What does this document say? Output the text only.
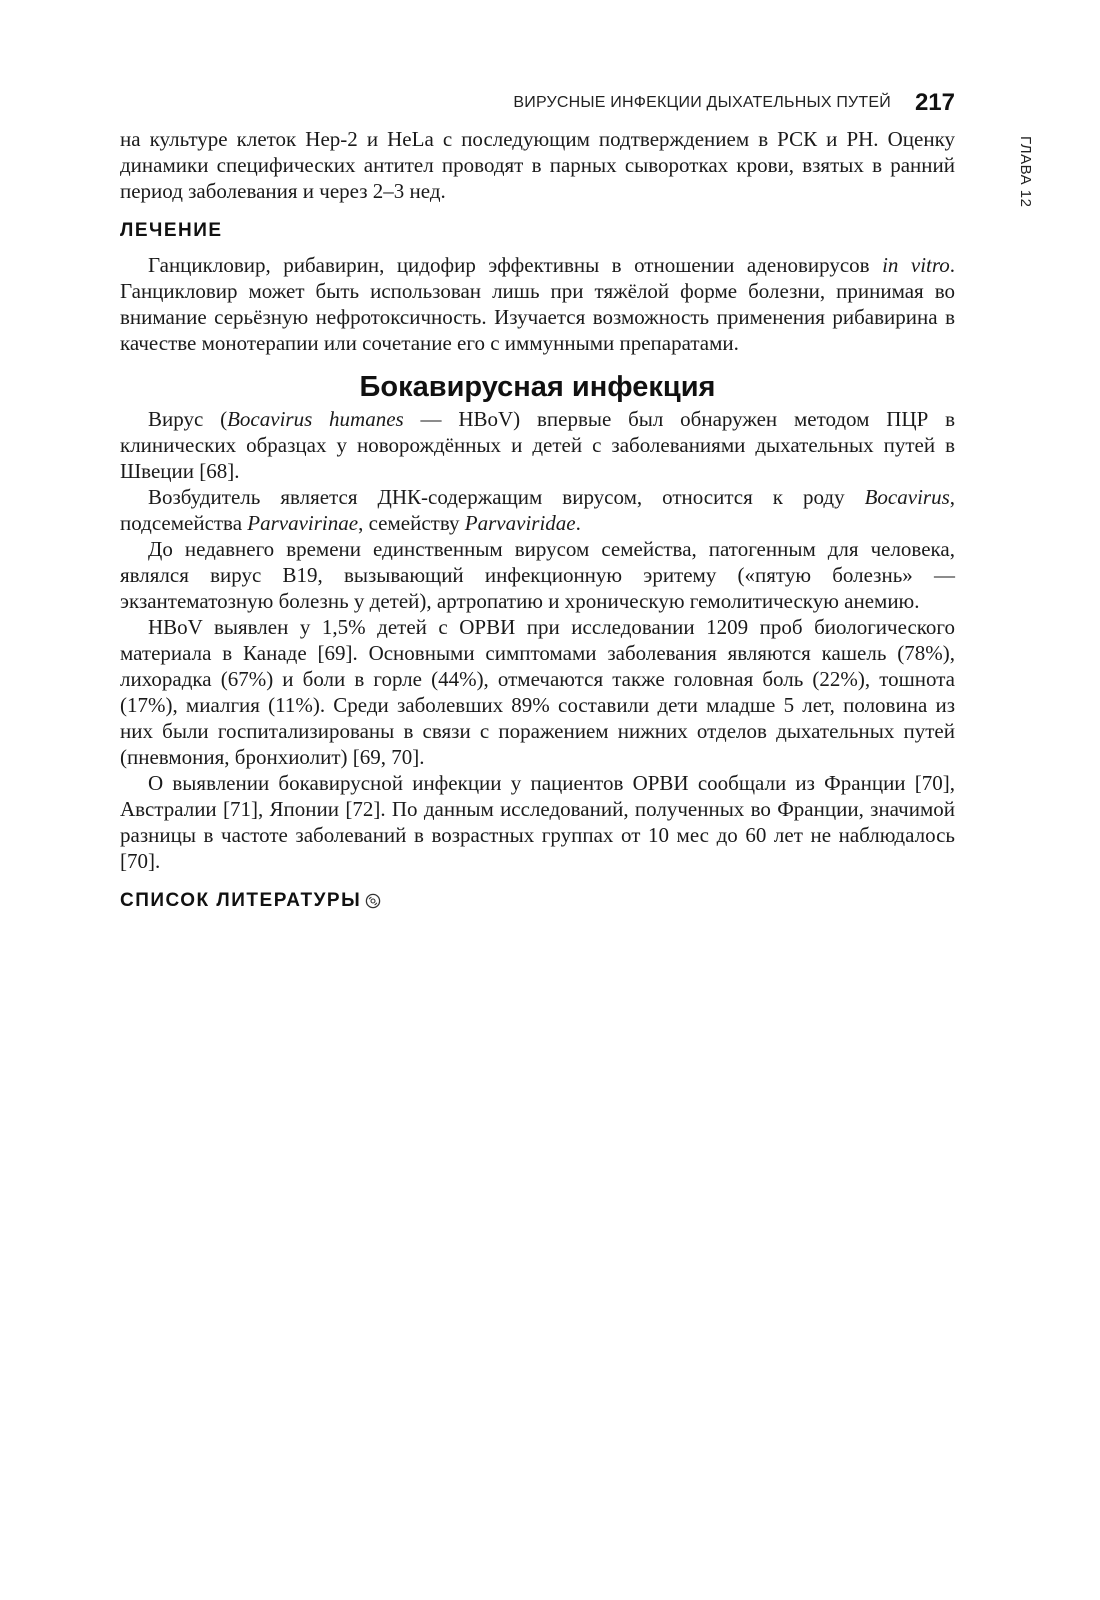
ВИРУСНЫЕ ИНФЕКЦИИ ДЫХАТЕЛЬНЫХ ПУТЕЙ 217
ГЛАВА 12

на культуре клеток Hep-2 и HeLa с последующим подтверждением в РСК и РН. Оценку динамики специфических антител проводят в парных сыворотках крови, взятых в ранний период заболевания и через 2–3 нед.

ЛЕЧЕНИЕ

Ганцикловир, рибавирин, цидофир эффективны в отношении аденовирусов in vitro. Ганцикловир может быть использован лишь при тяжёлой форме болезни, принимая во внимание серьёзную нефротоксичность. Изучается возможность применения рибавирина в качестве монотерапии или сочетание его с иммунными препаратами.

Бокавирусная инфекция

Вирус (Bocavirus humanes — HBoV) впервые был обнаружен методом ПЦР в клинических образцах у новорождённых и детей с заболеваниями дыхательных путей в Швеции [68].

Возбудитель является ДНК-содержащим вирусом, относится к роду Bocavirus, подсемейства Parvavirinae, семейству Parvaviridae.

До недавнего времени единственным вирусом семейства, патогенным для человека, являлся вирус B19, вызывающий инфекционную эритему («пятую болезнь» — экзантематозную болезнь у детей), артропатию и хроническую гемолитическую анемию.

HBoV выявлен у 1,5% детей с ОРВИ при исследовании 1209 проб биологического материала в Канаде [69]. Основными симптомами заболевания являются кашель (78%), лихорадка (67%) и боли в горле (44%), отмечаются также головная боль (22%), тошнота (17%), миалгия (11%). Среди заболевших 89% составили дети младше 5 лет, половина из них были госпитализированы в связи с поражением нижних отделов дыхательных путей (пневмония, бронхиолит) [69, 70].

О выявлении бокавирусной инфекции у пациентов ОРВИ сообщали из Франции [70], Австралии [71], Японии [72]. По данным исследований, полученных во Франции, значимой разницы в частоте заболеваний в возрастных группах от 10 мес до 60 лет не наблюдалось [70].

СПИСОК ЛИТЕРАТУРЫ
